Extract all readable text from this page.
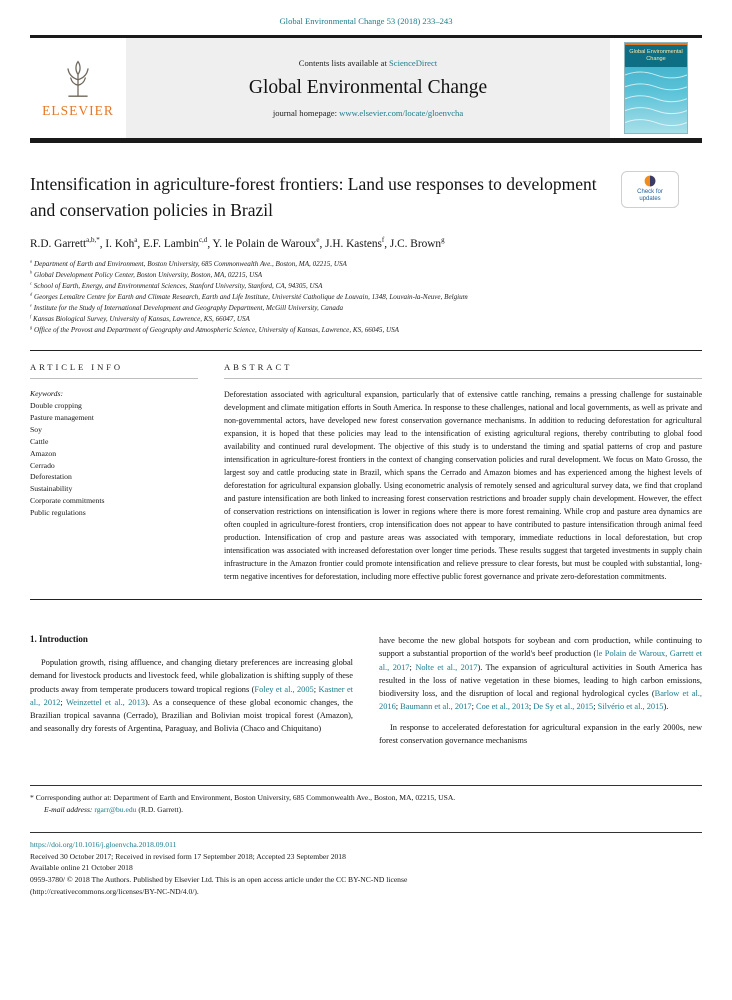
Global Environmental Change 53 (2018) 233–243
ELSEVIER
Contents lists available at ScienceDirect
Global Environmental Change
journal homepage: www.elsevier.com/locate/gloenvcha
Global Environmental Change
Intensification in agriculture-forest frontiers: Land use responses to development and conservation policies in Brazil
Check for updates
R.D. Garrett$^{a,b,*}$, I. Koh$^a$, E.F. Lambin$^{c,d}$, Y. le Polain de Waroux$^e$, J.H. Kastens$^f$, J.C. Brown$^g$
$^a$ Department of Earth and Environment, Boston University, 685 Commonwealth Ave., Boston, MA, 02215, USA
$^b$ Global Development Policy Center, Boston University, Boston, MA, 02215, USA
$^c$ School of Earth, Energy, and Environmental Sciences, Stanford University, Stanford, CA, 94305, USA
$^d$ Georges Lemaître Centre for Earth and Climate Research, Earth and Life Institute, Université Catholique de Louvain, 1348, Louvain-la-Neuve, Belgium
$^e$ Institute for the Study of International Development and Geography Department, McGill University, Canada
$^f$ Kansas Biological Survey, University of Kansas, Lawrence, KS, 66047, USA
$^g$ Office of the Provost and Department of Geography and Atmospheric Science, University of Kansas, Lawrence, KS, 66045, USA
ARTICLE INFO
Keywords:
Double cropping
Pasture management
Soy
Cattle
Amazon
Cerrado
Deforestation
Sustainability
Corporate commitments
Public regulations
ABSTRACT

Deforestation associated with agricultural expansion, particularly that of extensive cattle ranching, remains a pressing challenge for sustainable development and climate mitigation efforts in South America. In response to these challenges, national and local governments, as well as private and non-governmental actors, have developed new forest conservation governance mechanisms. In addition to reducing deforestation for agricultural expansion, it is hoped that these policies may lead to the intensification of existing agricultural regions, thereby contributing to global food availability and continued rural development. The objective of this study is to understand the timing and spatial patterns of crop and pasture intensification in agriculture-forest frontiers in the context of changing conservation policies and rural development. We focus on Mato Grosso, the largest soy and cattle producing state in Brazil, which spans the Cerrado and Amazon biomes and has experienced among the highest levels of deforestation for agricultural expansion globally. Using econometric analysis of remotely sensed and agricultural survey data, we find that cropland and pasture intensification are both linked to increasing forest conservation restrictions and broader supply chain development. However, the effect of conservation restrictions on intensification is lower in regions where there is more forest remaining. While crop and pasture area dynamics are often coupled in agriculture-forest frontiers, crop intensification does not appear to have contributed to pasture intensification through animal feed production. Intensification of crop and pasture areas was associated with temporary, immediate reductions in local deforestation, but crop intensification was associated with increased deforestation over longer time periods. These results suggest that targeted investments in supply chain infrastructure in the Amazon frontier could promote intensification and relieve pressure to clear forests, but must be coupled with substantial, long-term negative incentives for deforestation, including more effective public forest governance and private zero-deforestation commitments.

1. Introduction

Population growth, rising affluence, and changing dietary preferences are increasing global demand for livestock products and livestock feed, while globalization is shifting supply of these products away from temperate producers toward tropical regions (Foley et al., 2005; Kastner et al., 2012; Weinzettel et al., 2013). As a consequence of these global economic changes, the Brazilian tropical savanna (Cerrado), Brazilian and Bolivian moist tropical forest (Amazon), and seasonally dry forests of Argentina, Paraguay, and Bolivia (Chaco and Chiquitano)

have become the new global hotspots for soybean and corn production, while continuing to support a substantial proportion of the world's beef production (le Polain de Waroux, Garrett et al., 2017; Nolte et al., 2017). The expansion of agricultural activities in South America has resulted in the loss of native vegetation in these biomes, leading to high carbon emissions, biodiversity loss, and the disruption of local and regional hydrological cycles (Barlow et al., 2016; Baumann et al., 2017; Coe et al., 2013; De Sy et al., 2015; Silvério et al., 2015).

In response to accelerated deforestation for agricultural expansion in the early 2000s, new forest conservation governance mechanisms

* Corresponding author at: Department of Earth and Environment, Boston University, 685 Commonwealth Ave., Boston, MA, 02215, USA.
E-mail address: rgarr@bu.edu (R.D. Garrett).
https://doi.org/10.1016/j.gloenvcha.2018.09.011
Received 30 October 2017; Received in revised form 17 September 2018; Accepted 23 September 2018
Available online 21 October 2018
0959-3780/ © 2018 The Authors. Published by Elsevier Ltd. This is an open access article under the CC BY-NC-ND license
(http://creativecommons.org/licenses/BY-NC-ND/4.0/).
